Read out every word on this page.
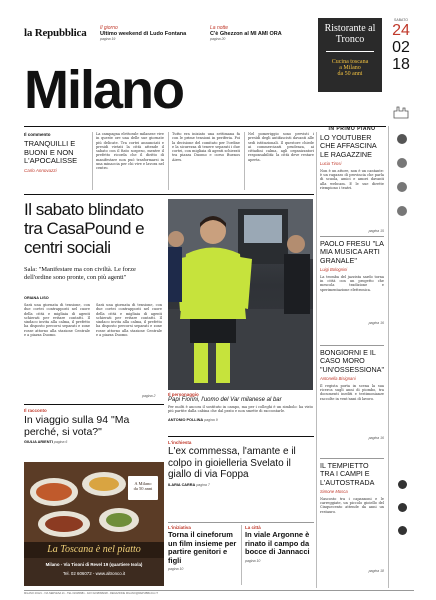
la Repubblica	Il giorno
Ultimo weekend di Ludo Fontana
pagina 19
La notte
C'è Ghezzon al MI AMI ORA
pagina 20
Milano
Ristorante al Tronco
Cucina toscana
a Milano
da 50 anni
SABATO
24
02
18
Il commento
TRANQUILLI E BUONI E NON L'APOCALISSE
Carlo Annovazzi
La campagna elettorale milanese vive in queste ore una delle sue giornate più delicate. Tra cortei annunciati e presidi vietati la città attende il sabato con il fiato sospeso, mentre il prefetto ricorda che il diritto di manifestare non può trasformarsi in una minaccia per chi vive e lavora nel centro.
Tutto era iniziato una settimana fa con le prime tensioni in periferia. Poi la decisione del comitato per l'ordine e la sicurezza di tenere separati i due cortei, con migliaia di agenti schierati tra piazza Duomo e corso Buenos Aires.
Nel pomeriggio sono previsti i presìdi degli antifascisti davanti alle sedi istituzionali. Il questore chiede ai commercianti prudenza, ai cittadini calma, agli organizzatori responsabilità: la città deve restare aperta.
Il sabato blindato tra CasaPound e centri sociali
Sala: "Manifestare ma con civiltà. Le forze dell'ordine sono pronte, con più agenti"
ORIANA LISO
Sarà una giornata di tensione, con due cortei contrapposti nel cuore della città e migliaia di agenti schierati per evitare contatti. Il sindaco invita alla calma, il prefetto ha disposto percorsi separati e zone rosse attorno alla stazione Centrale e a piazza Duomo.
Sarà una giornata di tensione, con due cortei contrapposti nel cuore della città e migliaia di agenti schierati per evitare contatti. Il sindaco invita alla calma, il prefetto ha disposto percorsi separati e zone rosse attorno alla stazione Centrale e a piazza Duomo.
pagina 2	Il personaggio
Papi Fiorini, l'uomo del Var milanese al bar
Per molti è ancora il sostituto in campo, ma per i colleghi è un simbolo: ha visto più partite dalla cabina che dal prato e non smette di raccontarle.
ANTONIO POLLINA pagina 9
Il racconto
In viaggio sulla 94 "Ma perché, si vota?"
GIULIA ARIENTI pagina 6
A Milano
da 50 anni
La Toscana è nel piatto
Milano - Via Tisoni di Revel 19 (quartiere Isola)
Tel. 02 606072 - www.altronco.it
L'inchiesta
L'ex commessa, l'amante e il colpo in gioielleria Svelato il giallo di via Foppa
ILARIA CARRA pagina 7
L'iniziativa
Torna il cineforum un film insieme per partire genitori e figli
pagina 10
La città
In viale Argonne è rinato il campo da bocce di Jannacci
pagina 10
IN PRIMO PIANO
LO YOUTUBER CHE AFFASCINA LE RAGAZZINE
Lucia Tirosi
Non è un attore, non è un cantante: è un ragazzo di provincia che parla di scuola, amici e amori davanti alla webcam. E le sue dirette riempiono i teatri.
pagina 15
PAOLO FRESU "LA MIA MUSICA ARTI GRANALE"
Luigi Bolognini
La tromba del jazzista sardo torna in città con un progetto che mescola tradizione e sperimentazione elettronica.
pagina 16
BONGIORNI E IL CASO MORO "UN'OSSESSIONA"
Antonella Bisignani
Il regista porta in scena la sua ricerca sugli anni di piombo, tra documenti inediti e testimonianze raccolte in vent'anni di lavoro.
pagina 16
IL TEMPIETTO TRA I CAMPI E L'AUTOSTRADA
Simone Mosca
Nascosto tra i capannoni e le carreggiate, un piccolo gioiello del Cinquecento attende da anni un restauro.
pagina 18
MILANO 20121 - VIA NERVESA 21 - TEL 02/480981 - FAX 02/48098228 - REDAZIONE MILANO@REPUBBLICA.IT
